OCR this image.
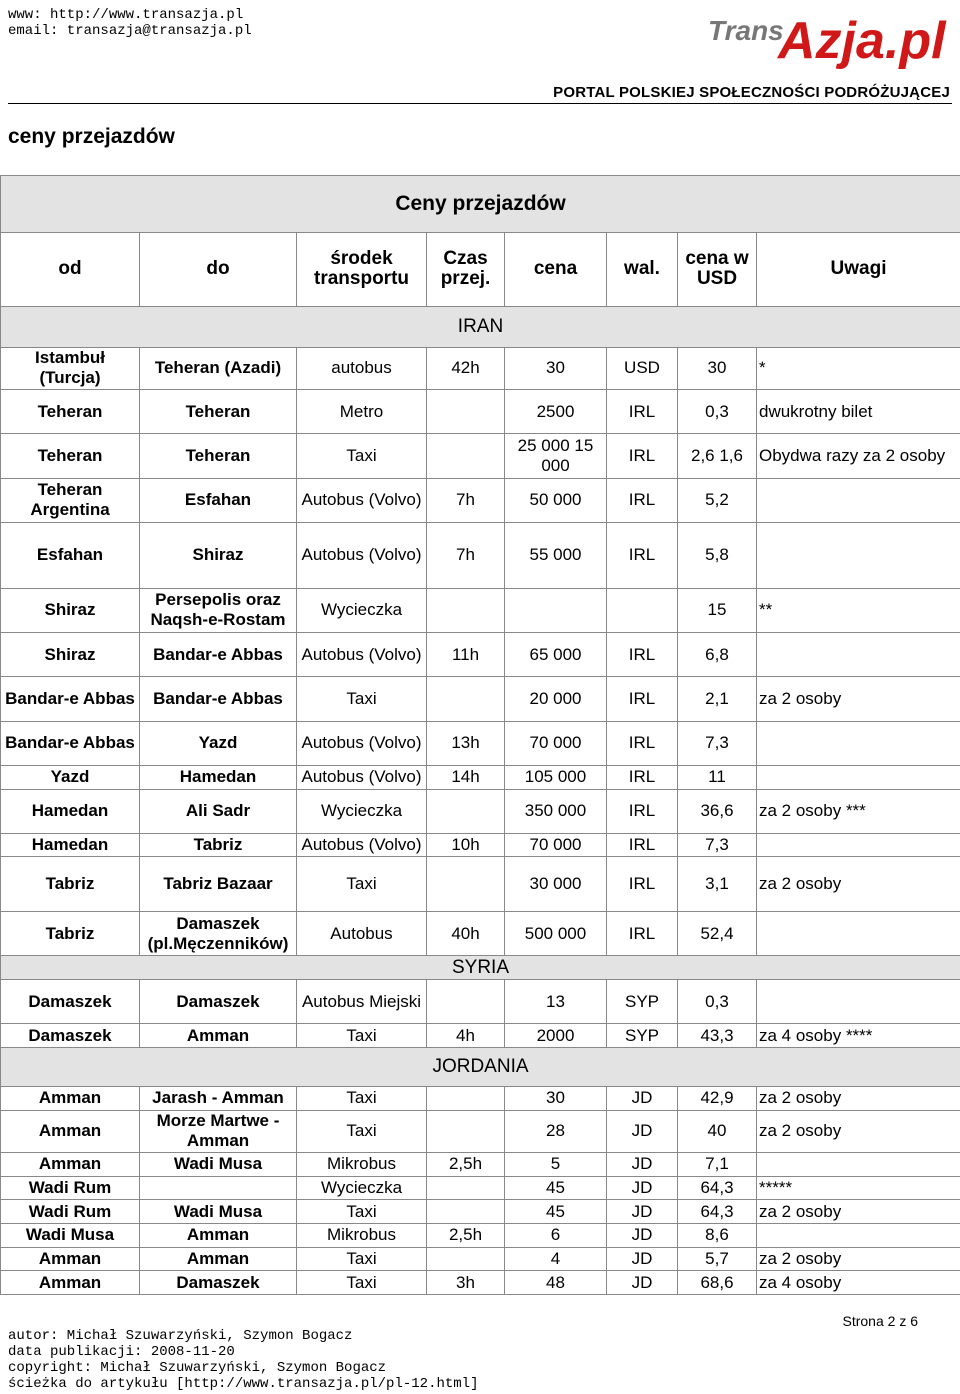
www: http://www.transazja.pl
email: transazja@transazja.pl	Trans
Azja.pl
PORTAL POLSKIEJ SPOŁECZNOŚCI PODRÓŻUJĄCEJ
ceny przejazdów
Ceny przejazdów							
od	do	środek transportu	Czas przej.	cena	wal.	cena w USD	Uwagi
IRAN							
Istambuł (Turcja)	Teheran (Azadi)	autobus	42h	30	USD	30	*
Teheran	Teheran	Metro		2500	IRL	0,3	dwukrotny bilet
Teheran	Teheran	Taxi		25 000 15 000	IRL	2,6 1,6	Obydwa razy za 2 osoby
Teheran Argentina	Esfahan	Autobus (Volvo)	7h	50 000	IRL	5,2	
Esfahan	Shiraz	Autobus (Volvo)	7h	55 000	IRL	5,8	
Shiraz	Persepolis oraz Naqsh-e-Rostam	Wycieczka				15	**
Shiraz	Bandar-e Abbas	Autobus (Volvo)	11h	65 000	IRL	6,8	
Bandar-e Abbas	Bandar-e Abbas	Taxi		20 000	IRL	2,1	za 2 osoby
Bandar-e Abbas	Yazd	Autobus (Volvo)	13h	70 000	IRL	7,3	
Yazd	Hamedan	Autobus (Volvo)	14h	105 000	IRL	11	
Hamedan	Ali Sadr	Wycieczka		350 000	IRL	36,6	za 2 osoby ***
Hamedan	Tabriz	Autobus (Volvo)	10h	70 000	IRL	7,3	
Tabriz	Tabriz Bazaar	Taxi		30 000	IRL	3,1	za 2 osoby
Tabriz	Damaszek (pl.Męczenników)	Autobus	40h	500 000	IRL	52,4	
SYRIA							
Damaszek	Damaszek	Autobus Miejski		13	SYP	0,3	
Damaszek	Amman	Taxi	4h	2000	SYP	43,3	za 4 osoby ****
JORDANIA							
Amman	Jarash - Amman	Taxi		30	JD	42,9	za 2 osoby
Amman	Morze Martwe - Amman	Taxi		28	JD	40	za 2 osoby
Amman	Wadi Musa	Mikrobus	2,5h	5	JD	7,1	
Wadi Rum		Wycieczka		45	JD	64,3	*****
Wadi Rum	Wadi Musa	Taxi		45	JD	64,3	za 2 osoby
Wadi Musa	Amman	Mikrobus	2,5h	6	JD	8,6	
Amman	Amman	Taxi		4	JD	5,7	za 2 osoby
Amman	Damaszek	Taxi	3h	48	JD	68,6	za 4 osoby
Strona 2 z 6
autor: Michał Szuwarzyński, Szymon Bogacz
data publikacji: 2008-11-20
copyright: Michał Szuwarzyński, Szymon Bogacz
ścieżka do artykułu [http://www.transazja.pl/pl-12.html]
